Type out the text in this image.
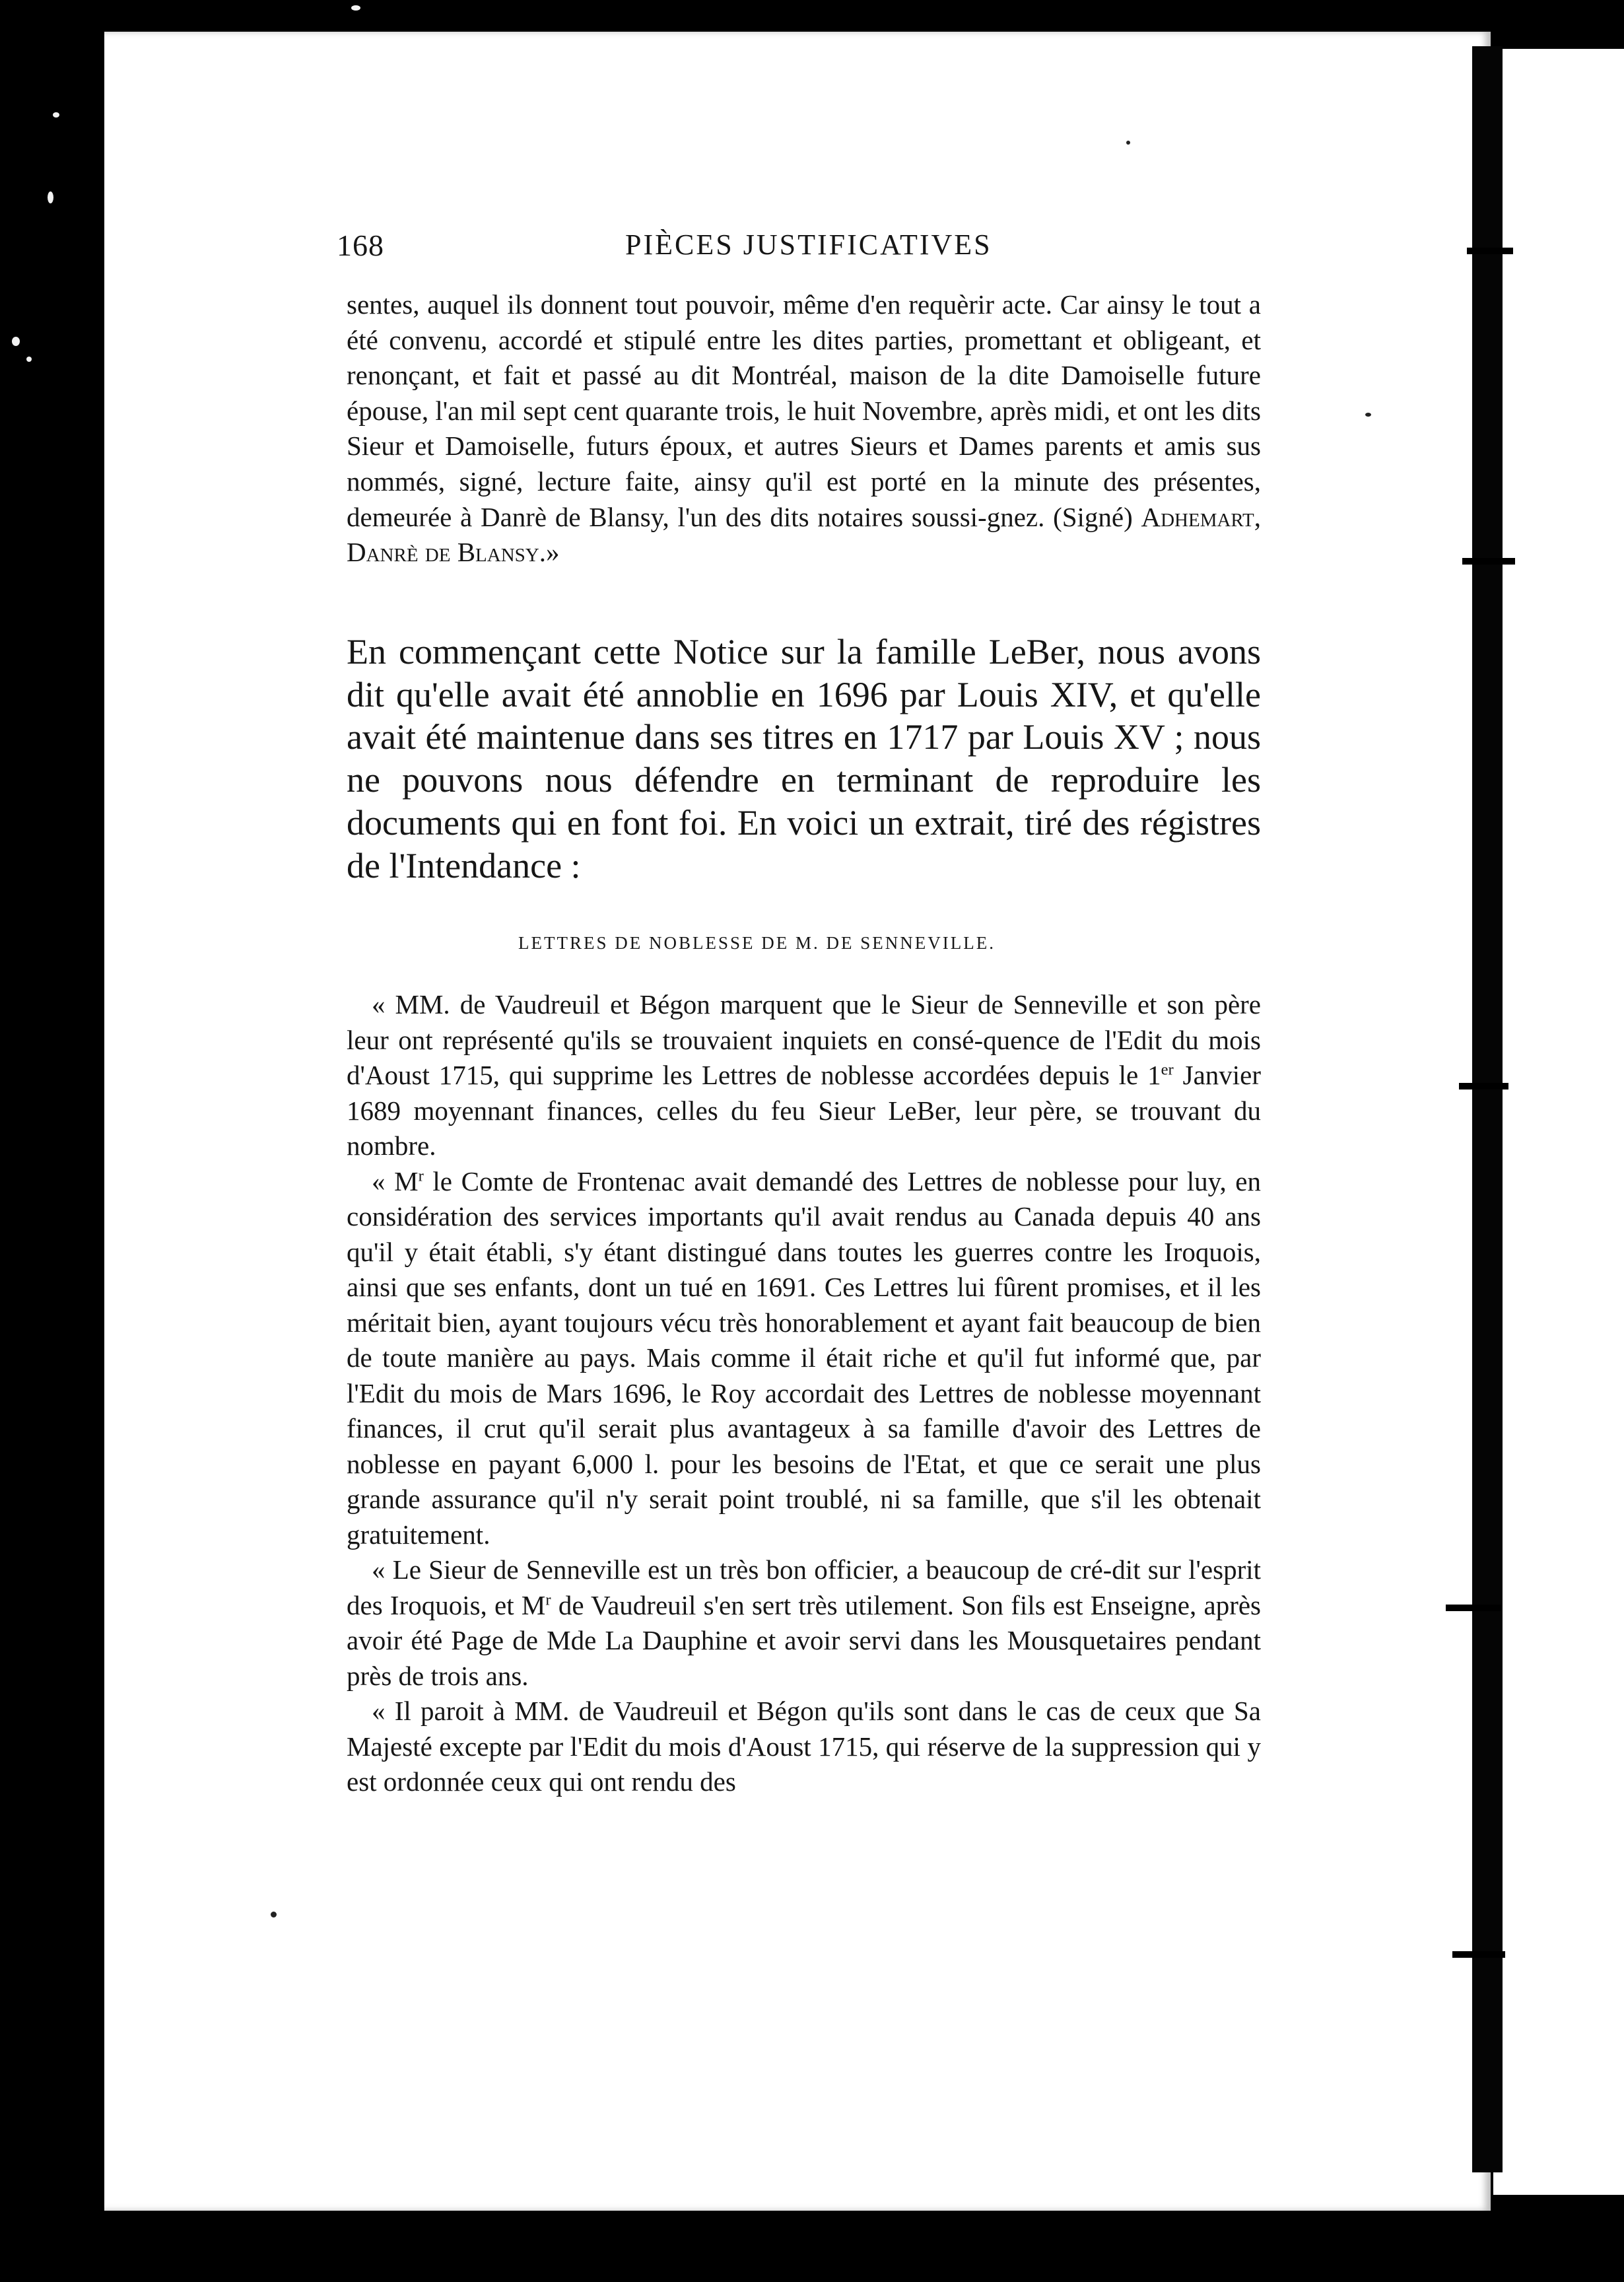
168	PIÈCES JUSTIFICATIVES

sentes, auquel ils donnent tout pouvoir, même d'en requèrir acte. Car ainsy le tout a été convenu, accordé et stipulé entre les dites parties, promettant et obligeant, et renonçant, et fait et passé au dit Montréal, maison de la dite Damoiselle future épouse, l'an mil sept cent quarante trois, le huit Novembre, après midi, et ont les dits Sieur et Damoiselle, futurs époux, et autres Sieurs et Dames parents et amis sus nommés, signé, lecture faite, ainsy qu'il est porté en la minute des présentes, demeurée à Danrè de Blansy, l'un des dits notaires soussi-gnez. (Signé) Adhemart, Danrè de Blansy.»

En commençant cette Notice sur la famille LeBer, nous avons dit qu'elle avait été annoblie en 1696 par Louis XIV, et qu'elle avait été maintenue dans ses titres en 1717 par Louis XV ; nous ne pouvons nous défendre en terminant de reproduire les documents qui en font foi. En voici un extrait, tiré des régistres de l'Intendance :

LETTRES DE NOBLESSE DE M. DE SENNEVILLE.

« MM. de Vaudreuil et Bégon marquent que le Sieur de Senneville et son père leur ont représenté qu'ils se trouvaient inquiets en consé-quence de l'Edit du mois d'Aoust 1715, qui supprime les Lettres de noblesse accordées depuis le 1er Janvier 1689 moyennant finances, celles du feu Sieur LeBer, leur père, se trouvant du nombre.

« $M^r$ le Comte de Frontenac avait demandé des Lettres de noblesse pour luy, en considération des services importants qu'il avait rendus au Canada depuis 40 ans qu'il y était établi, s'y étant distingué dans toutes les guerres contre les Iroquois, ainsi que ses enfants, dont un tué en 1691. Ces Lettres lui fûrent promises, et il les méritait bien, ayant toujours vécu très honorablement et ayant fait beaucoup de bien de toute manière au pays. Mais comme il était riche et qu'il fut informé que, par l'Edit du mois de Mars 1696, le Roy accordait des Lettres de noblesse moyennant finances, il crut qu'il serait plus avantageux à sa famille d'avoir des Lettres de noblesse en payant 6,000 l. pour les besoins de l'Etat, et que ce serait une plus grande assurance qu'il n'y serait point troublé, ni sa famille, que s'il les obtenait gratuitement.

« Le Sieur de Senneville est un très bon officier, a beaucoup de cré-dit sur l'esprit des Iroquois, et $M^r$ de Vaudreuil s'en sert très utilement. Son fils est Enseigne, après avoir été Page de Mde La Dauphine et avoir servi dans les Mousquetaires pendant près de trois ans.

« Il paroit à MM. de Vaudreuil et Bégon qu'ils sont dans le cas de ceux que Sa Majesté excepte par l'Edit du mois d'Aoust 1715, qui réserve de la suppression qui y est ordonnée ceux qui ont rendu des
